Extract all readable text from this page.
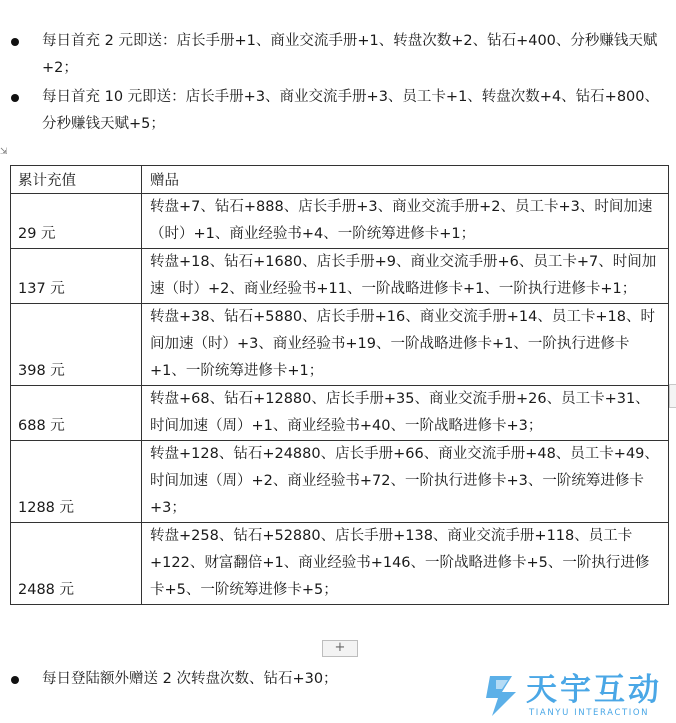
每日首充 2 元即送：店长手册+1、商业交流手册+1、转盘次数+2、钻石+400、分秒赚钱天赋+2；
每日首充 10 元即送：店长手册+3、商业交流手册+3、员工卡+1、转盘次数+4、钻石+800、分秒赚钱天赋+5；
⇲
累计充值	赠品
29 元	转盘+7、钻石+888、店长手册+3、商业交流手册+2、员工卡+3、时间加速（时）+1、商业经验书+4、一阶统筹进修卡+1；
137 元	转盘+18、钻石+1680、店长手册+9、商业交流手册+6、员工卡+7、时间加速（时）+2、商业经验书+11、一阶战略进修卡+1、一阶执行进修卡+1；
398 元	转盘+38、钻石+5880、店长手册+16、商业交流手册+14、员工卡+18、时间加速（时）+3、商业经验书+19、一阶战略进修卡+1、一阶执行进修卡+1、一阶统筹进修卡+1；
688 元	转盘+68、钻石+12880、店长手册+35、商业交流手册+26、员工卡+31、时间加速（周）+1、商业经验书+40、一阶战略进修卡+3；
1288 元	转盘+128、钻石+24880、店长手册+66、商业交流手册+48、员工卡+49、时间加速（周）+2、商业经验书+72、一阶执行进修卡+3、一阶统筹进修卡+3；
2488 元	转盘+258、钻石+52880、店长手册+138、商业交流手册+118、员工卡+122、财富翻倍+1、商业经验书+146、一阶战略进修卡+5、一阶执行进修卡+5、一阶统筹进修卡+5；
+
每日登陆额外赠送 2 次转盘次数、钻石+30；	天宇互动
TIANYU INTERACTION
